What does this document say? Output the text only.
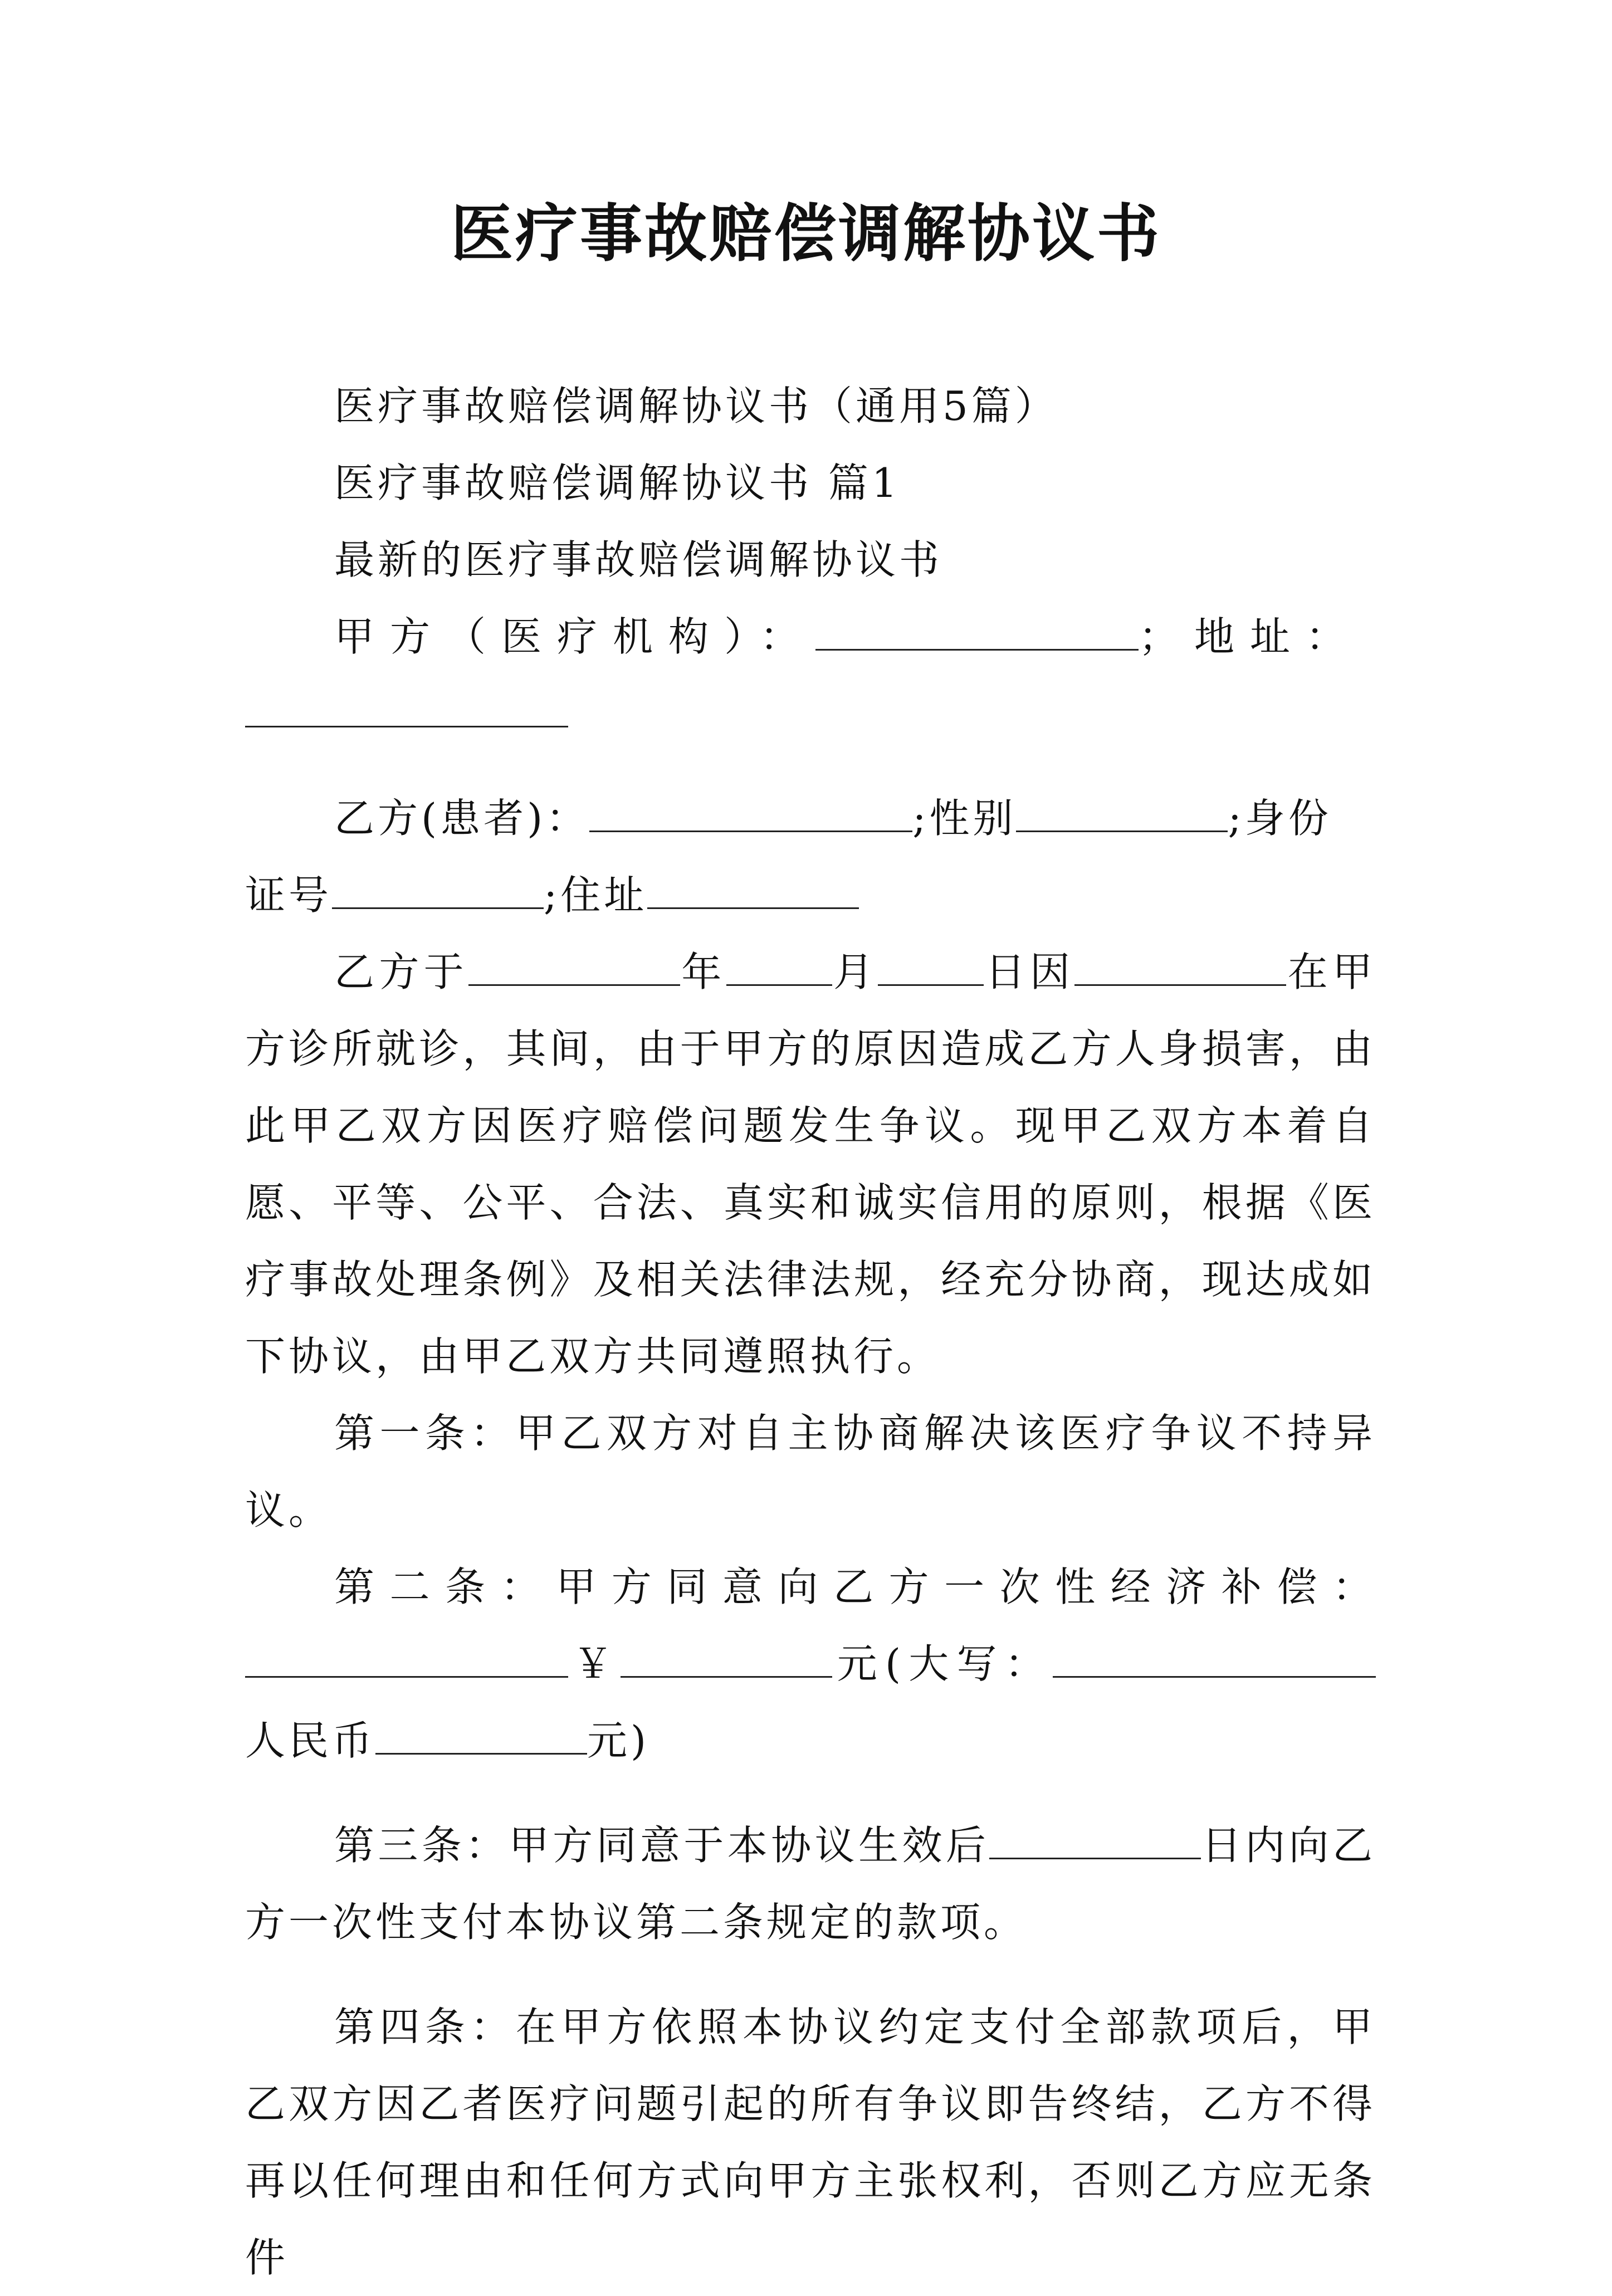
医疗事故赔偿调解协议书

医疗事故赔偿调解协议书（通用5篇）

医疗事故赔偿调解协议书 篇1

最新的医疗事故赔偿调解协议书

甲方（医疗机构）：	；地址：

乙方(患者)：	;性别	;身份

证号	;住址

乙方于	年	月	日因	在甲方诊所就诊，其间，由于甲方的原因造成乙方人身损害，由此甲乙双方因医疗赔偿问题发生争议。现甲乙双方本着自愿、平等、公平、合法、真实和诚实信用的原则，根据《医疗事故处理条例》及相关法律法规，经充分协商，现达成如下协议，由甲乙双方共同遵照执行。

第一条：甲乙双方对自主协商解决该医疗争议不持异议。

第二条：甲方同意向乙方一次性经济补偿：￥	元(大写：人民币	元)

第三条：甲方同意于本协议生效后	日内向乙方一次性支付本协议第二条规定的款项。

第四条：在甲方依照本协议约定支付全部款项后，甲乙双方因乙者医疗问题引起的所有争议即告终结，乙方不得再以任何理由和任何方式向甲方主张权利，否则乙方应无条件
